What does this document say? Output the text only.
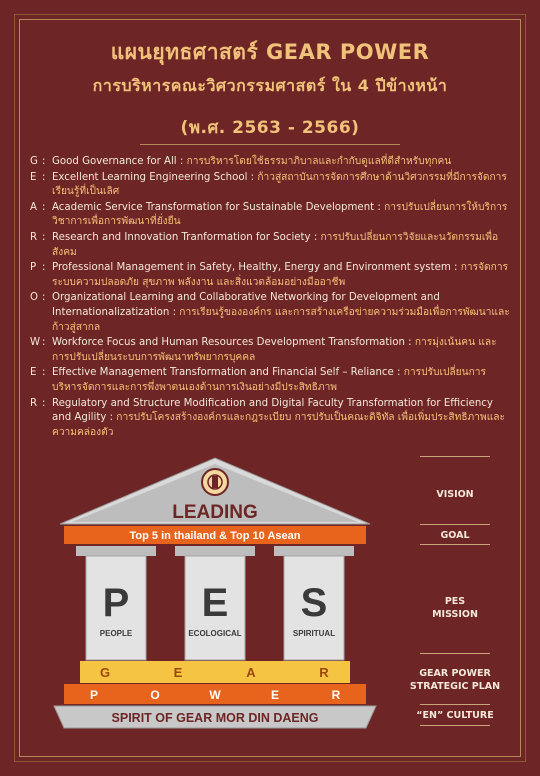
แผนยุทธศาสตร์ GEAR POWER
การบริหารคณะวิศวกรรมศาสตร์ ใน 4 ปีข้างหน้า
(พ.ศ. 2563 - 2566)
G : Good Governance for All : การบริหารโดยใช้ธรรมาภิบาลและกำกับดูแลที่ดีสำหรับทุกคน
E : Excellent Learning Engineering School : ก้าวสู่สถาบันการจัดการศึกษาด้านวิศวกรรมที่มีการจัดการเรียนรู้ที่เป็นเลิศ
A : Academic Service Transformation for Sustainable Development : การปรับเปลี่ยนการให้บริการวิชาการเพื่อการพัฒนาที่ยั่งยืน
R : Research and Innovation Tranformation for Society : การปรับเปลี่ยนการวิจัยและนวัตกรรมเพื่อสังคม
P : Professional Management in Safety, Healthy, Energy and Environment system : การจัดการระบบความปลอดภัย สุขภาพ พลังงาน และสิ่งแวดล้อมอย่างมืออาชีพ
O : Organizational Learning and Collaborative Networking for Development and Internationalizatization : การเรียนรู้ขององค์กร และการสร้างเครือข่ายความร่วมมือเพื่อการพัฒนาและก้าวสู่สากล
W : Workforce Focus and Human Resources Development Transformation : การมุ่งเน้นคน และการปรับเปลี่ยนระบบการพัฒนาทรัพยากรบุคคล
E : Effective Management Transformation and Financial Self – Reliance : การปรับเปลี่ยนการบริหารจัดการและการพึ่งพาตนเองด้านการเงินอย่างมีประสิทธิภาพ
R : Regulatory and Structure Modification and Digital Faculty Transformation for Efficiency and Agility : การปรับโครงสร้างองค์กรและกฎระเบียบ การปรับเป็นคณะดิจิทัล เพื่อเพิ่มประสิทธิภาพและความคล่องตัว
LEADING
Top 5 in thailand & Top 10 Asean
P
PEOPLE
E
ECOLOGICAL
S
SPIRITUAL
G	E	A	R
P	O	W	E	R
SPIRIT OF GEAR MOR DIN DAENG
VISION
GOAL
PES
MISSION
GEAR POWER
STRATEGIC PLAN
“EN” CULTURE
